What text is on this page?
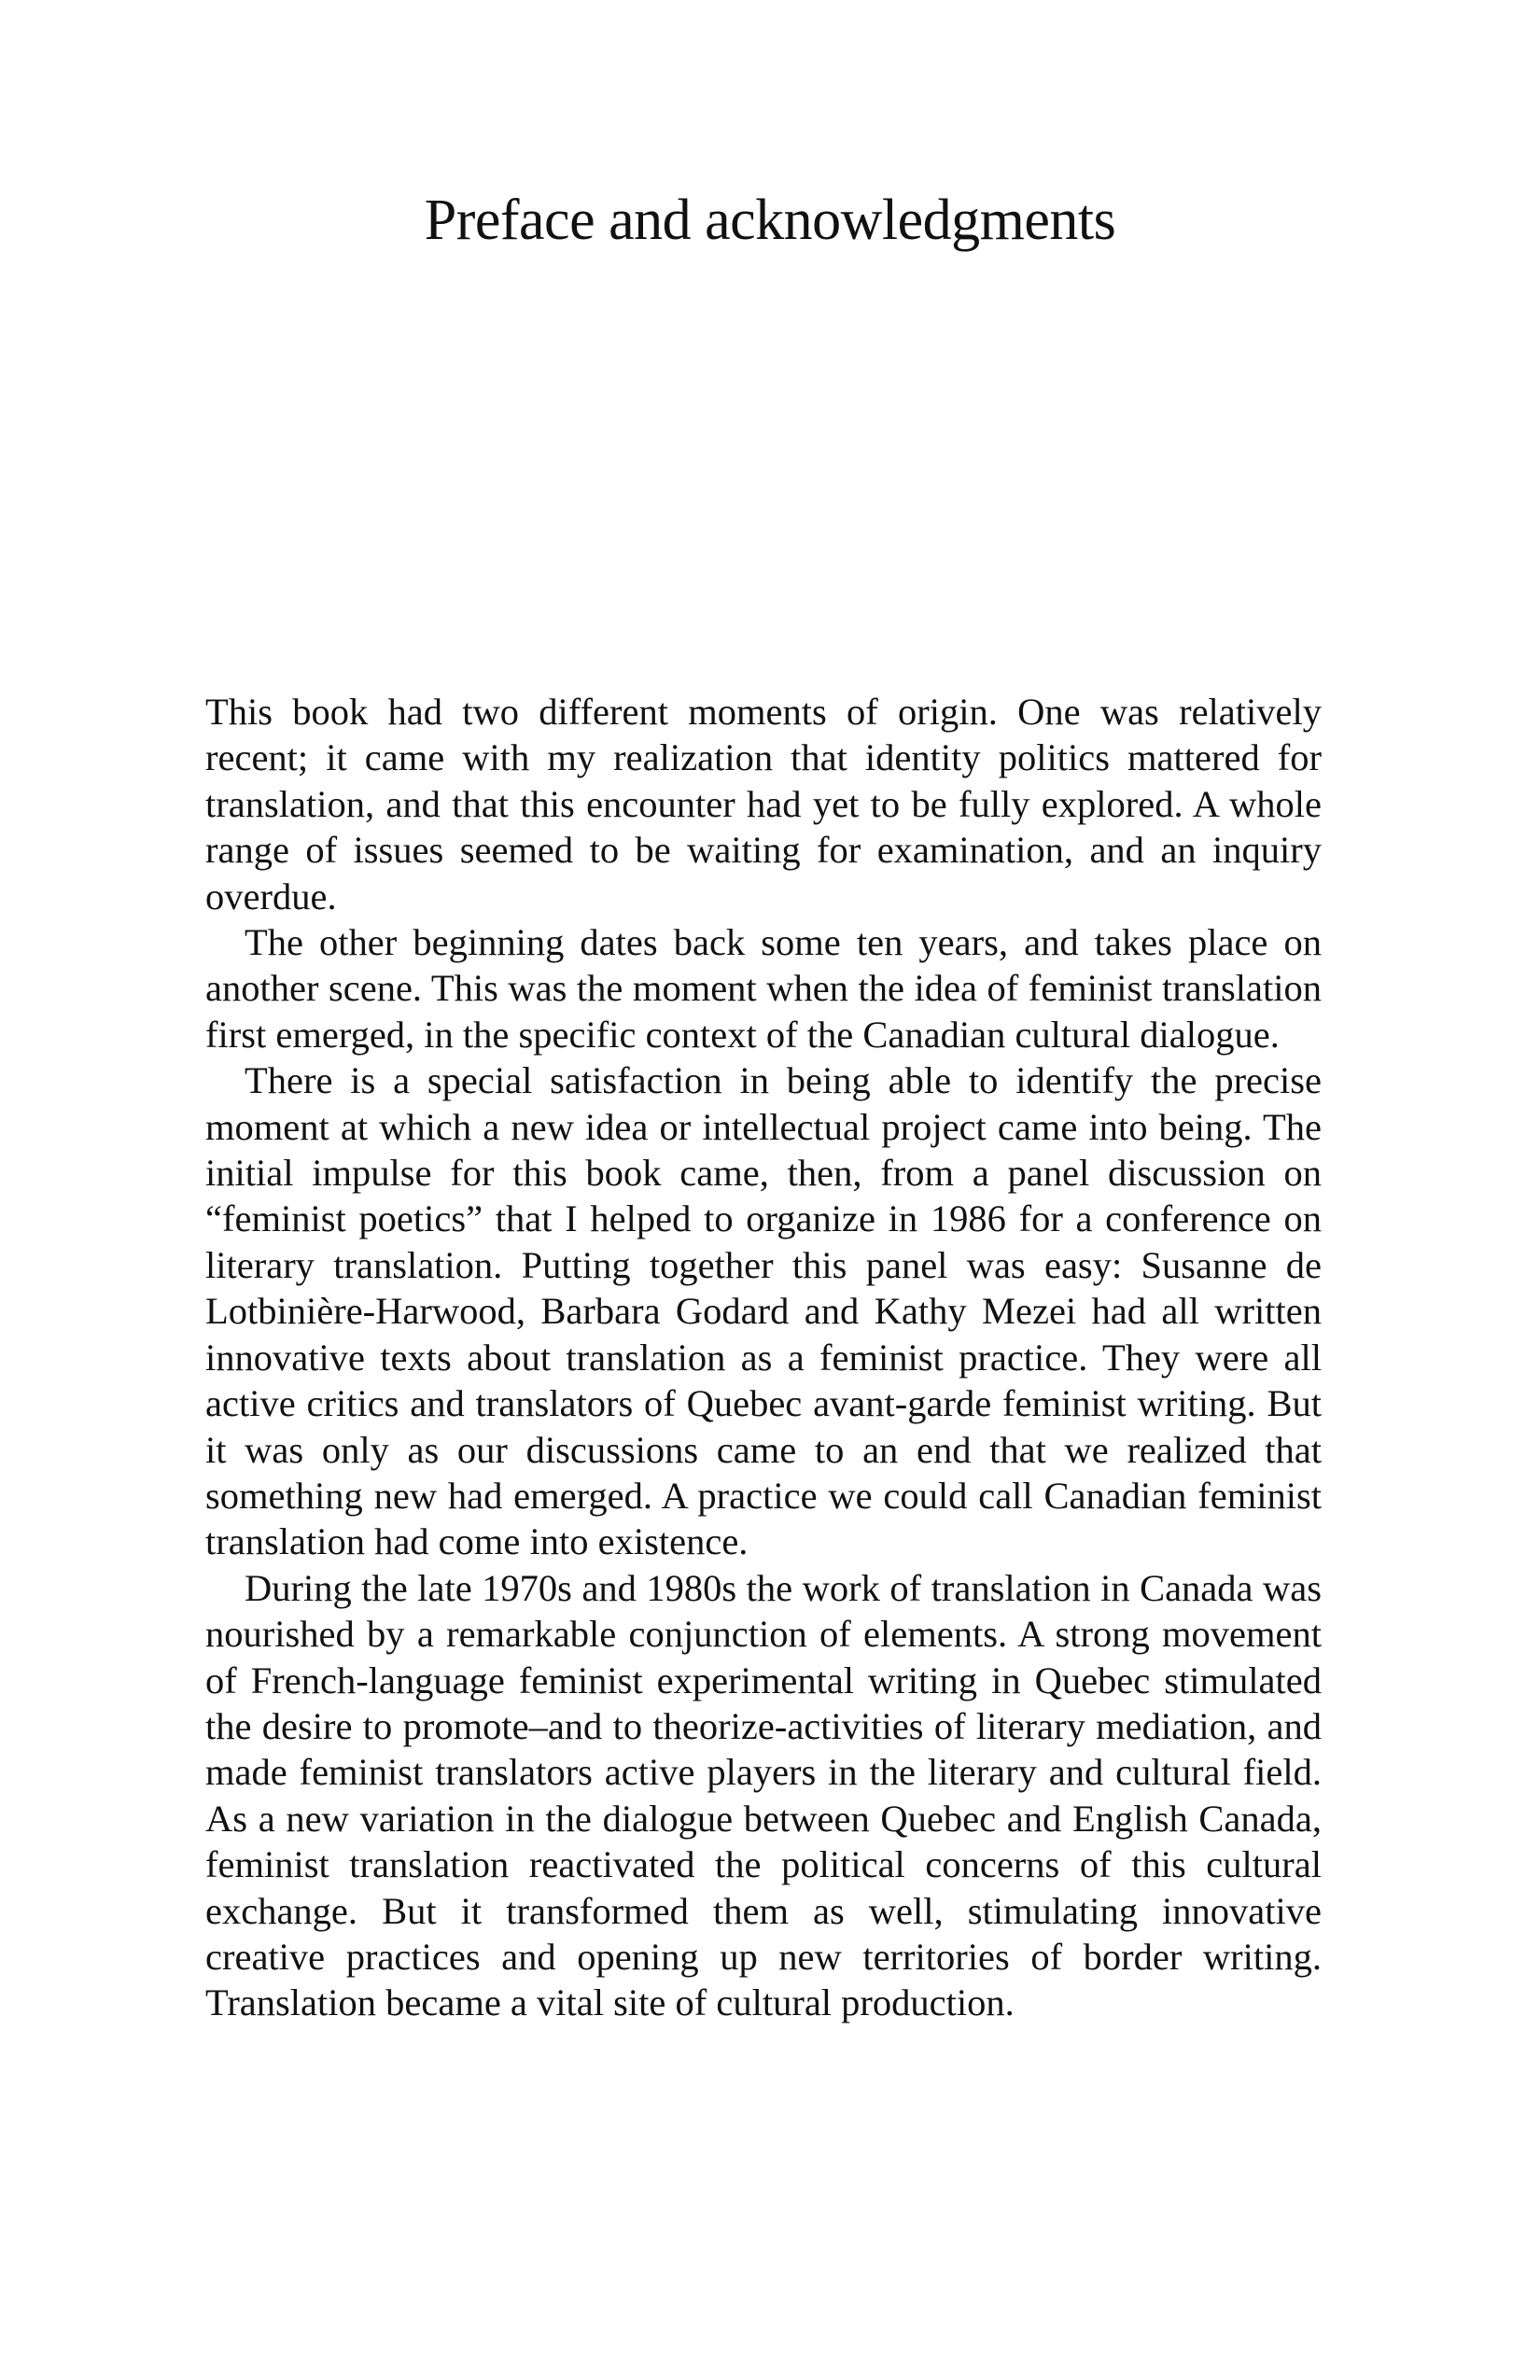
Preface and acknowledgments

This book had two different moments of origin. One was relatively recent; it came with my realization that identity politics mattered for translation, and that this encounter had yet to be fully explored. A whole range of issues seemed to be waiting for examination, and an inquiry overdue.

The other beginning dates back some ten years, and takes place on another scene. This was the moment when the idea of feminist translation first emerged, in the specific context of the Canadian cultural dialogue.

There is a special satisfaction in being able to identify the precise moment at which a new idea or intellectual project came into being. The initial impulse for this book came, then, from a panel discussion on “feminist poetics” that I helped to organize in 1986 for a conference on literary translation. Putting together this panel was easy: Susanne de Lotbinière-Harwood, Barbara Godard and Kathy Mezei had all written innovative texts about translation as a feminist practice. They were all active critics and translators of Quebec avant-garde feminist writing. But it was only as our discussions came to an end that we realized that something new had emerged. A practice we could call Canadian feminist translation had come into existence.

During the late 1970s and 1980s the work of translation in Canada was nourished by a remarkable conjunction of elements. A strong movement of French-language feminist experimental writing in Quebec stimulated the desire to promote–and to theorize-activities of literary mediation, and made feminist translators active players in the literary and cultural field. As a new variation in the dialogue between Quebec and English Canada, feminist translation reactivated the political concerns of this cultural exchange. But it transformed them as well, stimulating innovative creative practices and opening up new territories of border writing. Translation became a vital site of cultural production.
